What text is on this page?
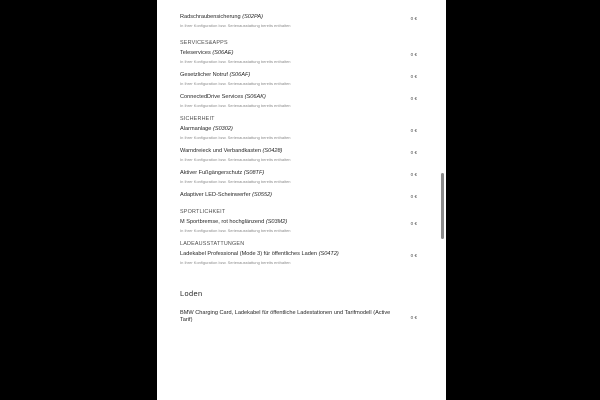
Radschraubensicherung (S02PA)
In Ihrer Konfiguration bzw. Serienausstattung bereits enthalten
0 €
SERVICES&APPS
Teleservices (S06AE)
In Ihrer Konfiguration bzw. Serienausstattung bereits enthalten
0 €
Gesetzlicher Notruf (S06AF)
In Ihrer Konfiguration bzw. Serienausstattung bereits enthalten
0 €
ConnectedDrive Services (S06AK)
In Ihrer Konfiguration bzw. Serienausstattung bereits enthalten
0 €
SICHERHEIT
Alarmanlage (S0302)
In Ihrer Konfiguration bzw. Serienausstattung bereits enthalten
0 €
Warndreieck und Verbandkasten (S0428)
In Ihrer Konfiguration bzw. Serienausstattung bereits enthalten
0 €
Aktiver Fußgängerschutz (S08TF)
In Ihrer Konfiguration bzw. Serienausstattung bereits enthalten
0 €
Adaptiver LED-Scheinwerfer (S0552)	0 €
SPORTLICHKEIT
M Sportbremse, rot hochglänzend (S03M2)
In Ihrer Konfiguration bzw. Serienausstattung bereits enthalten
0 €
LADEAUSSTATTUNGEN
Ladekabel Professional (Mode 3) für öffentliches Laden (S04T2)
In Ihrer Konfiguration bzw. Serienausstattung bereits enthalten
0 €
Loden
BMW Charging Card, Ladekabel für öffentliche Ladestationen und Tarifmodell (Active Tarif)	0 €
